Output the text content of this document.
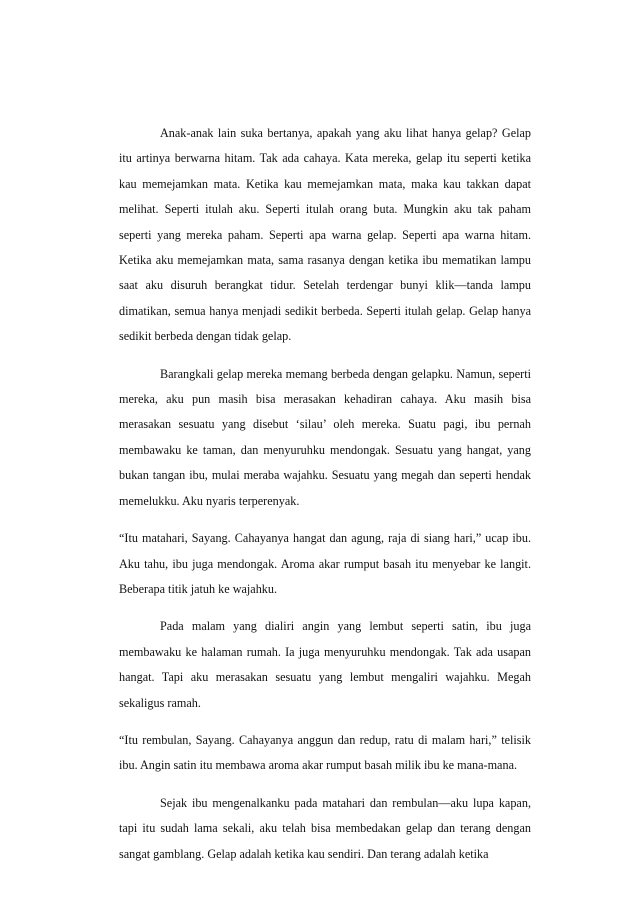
Anak-anak lain suka bertanya, apakah yang aku lihat hanya gelap? Gelap itu artinya berwarna hitam. Tak ada cahaya. Kata mereka, gelap itu seperti ketika kau memejamkan mata. Ketika kau memejamkan mata, maka kau takkan dapat melihat. Seperti itulah aku. Seperti itulah orang buta. Mungkin aku tak paham seperti yang mereka paham. Seperti apa warna gelap. Seperti apa warna hitam. Ketika aku memejamkan mata, sama rasanya dengan ketika ibu mematikan lampu saat aku disuruh berangkat tidur. Setelah terdengar bunyi klik—tanda lampu dimatikan, semua hanya menjadi sedikit berbeda. Seperti itulah gelap. Gelap hanya sedikit berbeda dengan tidak gelap.

Barangkali gelap mereka memang berbeda dengan gelapku. Namun, seperti mereka, aku pun masih bisa merasakan kehadiran cahaya. Aku masih bisa merasakan sesuatu yang disebut ‘silau’ oleh mereka. Suatu pagi, ibu pernah membawaku ke taman, dan menyuruhku mendongak. Sesuatu yang hangat, yang bukan tangan ibu, mulai meraba wajahku. Sesuatu yang megah dan seperti hendak memelukku. Aku nyaris terperenyak.

“Itu matahari, Sayang. Cahayanya hangat dan agung, raja di siang hari,” ucap ibu. Aku tahu, ibu juga mendongak. Aroma akar rumput basah itu menyebar ke langit. Beberapa titik jatuh ke wajahku.

Pada malam yang dialiri angin yang lembut seperti satin, ibu juga membawaku ke halaman rumah. Ia juga menyuruhku mendongak. Tak ada usapan hangat. Tapi aku merasakan sesuatu yang lembut mengaliri wajahku. Megah sekaligus ramah.

“Itu rembulan, Sayang. Cahayanya anggun dan redup, ratu di malam hari,” telisik ibu. Angin satin itu membawa aroma akar rumput basah milik ibu ke mana-mana.

Sejak ibu mengenalkanku pada matahari dan rembulan—aku lupa kapan, tapi itu sudah lama sekali, aku telah bisa membedakan gelap dan terang dengan sangat gamblang. Gelap adalah ketika kau sendiri. Dan terang adalah ketika
